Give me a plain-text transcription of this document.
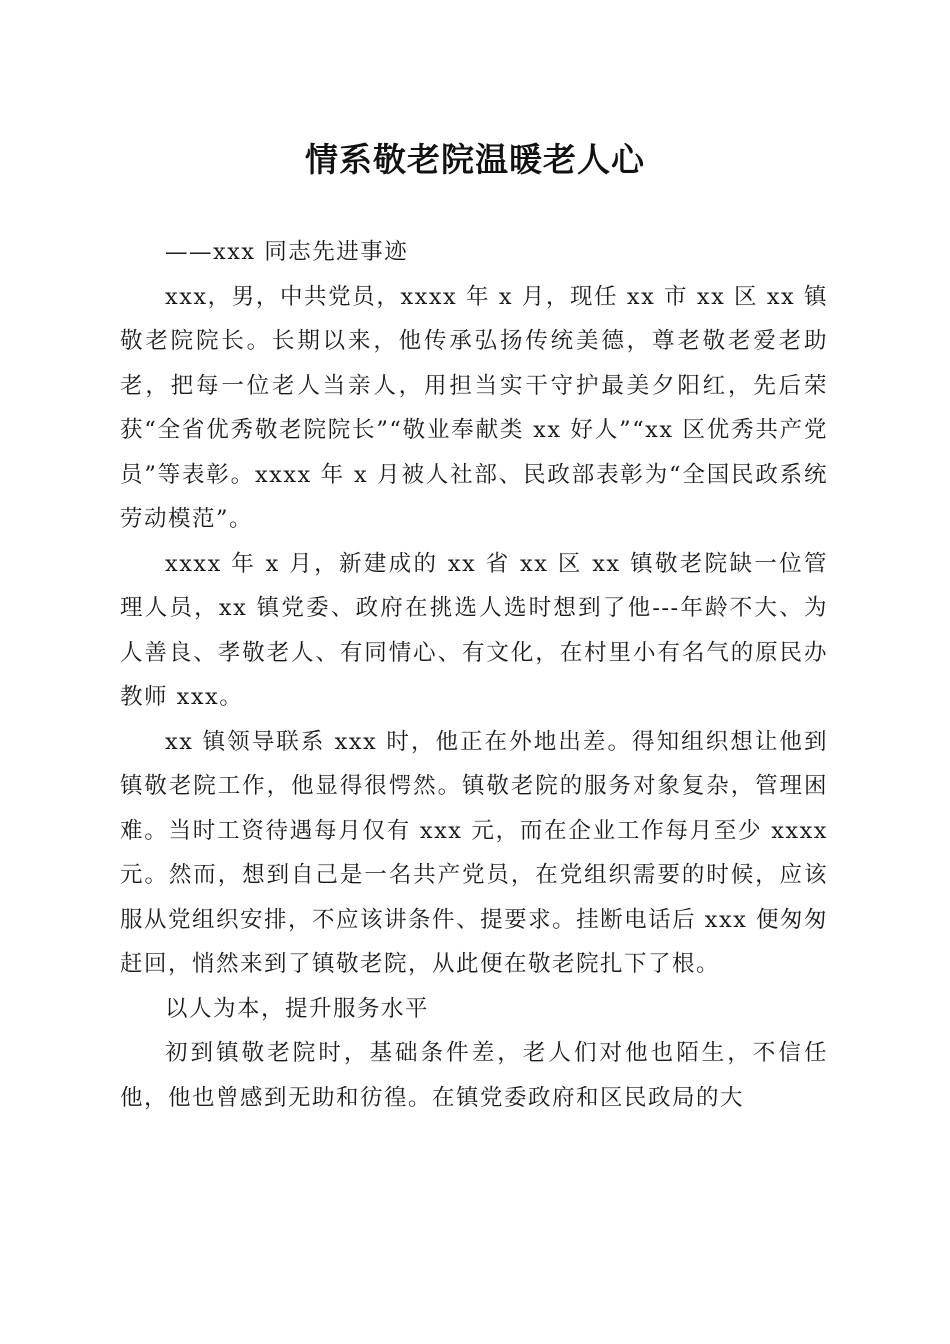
情系敬老院温暖老人心

——xxx 同志先进事迹

xxx，男，中共党员，xxxx 年 x 月，现任 xx 市 xx 区 xx 镇敬老院院长。长期以来，他传承弘扬传统美德，尊老敬老爱老助老，把每一位老人当亲人，用担当实干守护最美夕阳红，先后荣获“全省优秀敬老院院长”“敬业奉献类 xx 好人”“xx 区优秀共产党员”等表彰。xxxx 年 x 月被人社部、民政部表彰为“全国民政系统劳动模范”。

xxxx 年 x 月，新建成的 xx 省 xx 区 xx 镇敬老院缺一位管理人员，xx 镇党委、政府在挑选人选时想到了他---年龄不大、为人善良、孝敬老人、有同情心、有文化，在村里小有名气的原民办教师 xxx。

xx 镇领导联系 xxx 时，他正在外地出差。得知组织想让他到镇敬老院工作，他显得很愕然。镇敬老院的服务对象复杂，管理困难。当时工资待遇每月仅有 xxx 元，而在企业工作每月至少 xxxx 元。然而，想到自己是一名共产党员，在党组织需要的时候，应该服从党组织安排，不应该讲条件、提要求。挂断电话后 xxx 便匆匆赶回，悄然来到了镇敬老院，从此便在敬老院扎下了根。

以人为本，提升服务水平

初到镇敬老院时，基础条件差，老人们对他也陌生，不信任他，他也曾感到无助和彷徨。在镇党委政府和区民政局的大
